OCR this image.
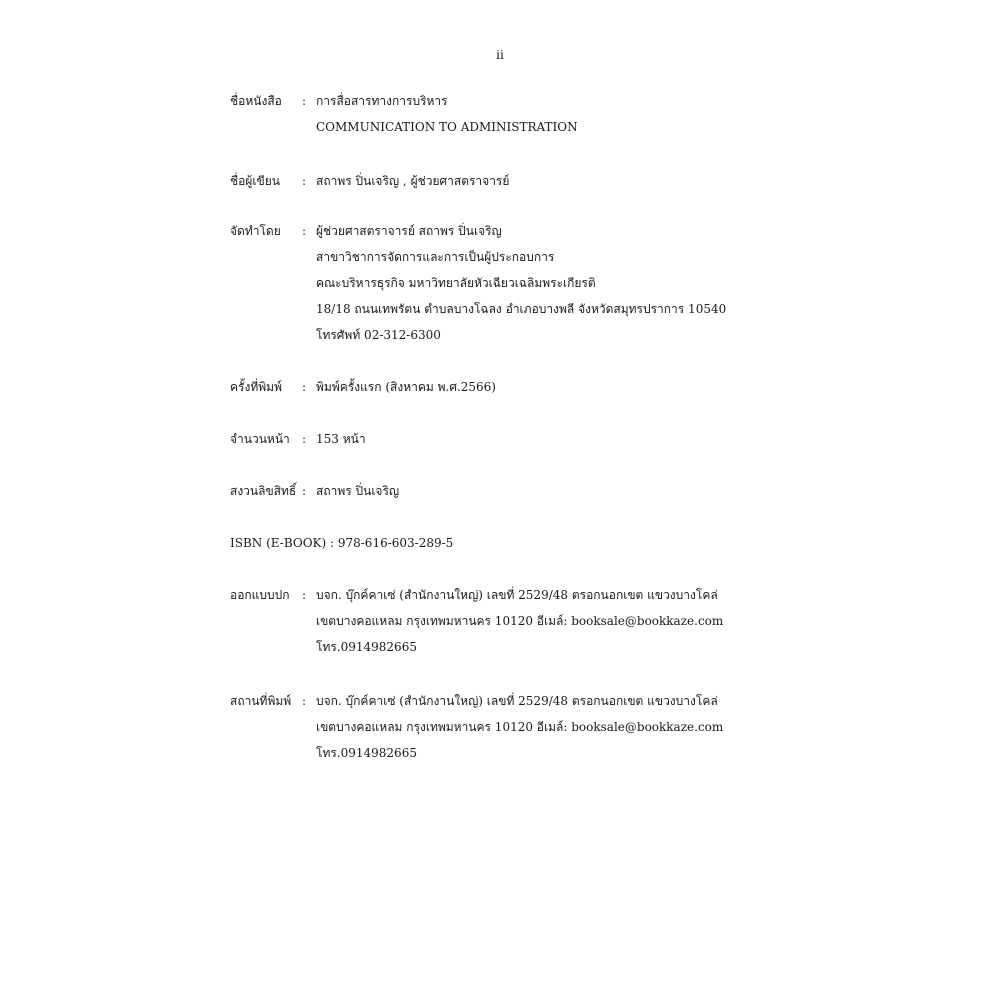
ii
ชื่อหนังสือ : การสื่อสารทางการบริหาร
COMMUNICATION TO ADMINISTRATION
ชื่อผู้เขียน : สถาพร ปิ่นเจริญ , ผู้ช่วยศาสตราจารย์
จัดทำโดย : ผู้ช่วยศาสตราจารย์ สถาพร ปิ่นเจริญ
สาขาวิชาการจัดการและการเป็นผู้ประกอบการ
คณะบริหารธุรกิจ มหาวิทยาลัยหัวเฉียวเฉลิมพระเกียรติ
18/18 ถนนเทพรัตน ตำบลบางโฉลง อำเภอบางพลี จังหวัดสมุทรปราการ 10540
โทรศัพท์ 02-312-6300
ครั้งที่พิมพ์ : พิมพ์ครั้งแรก (สิงหาคม พ.ศ.2566)
จำนวนหน้า : 153 หน้า
สงวนลิขสิทธิ์ : สถาพร ปิ่นเจริญ
ISBN (E-BOOK) : 978-616-603-289-5
ออกแบบปก : บจก. บุ๊กค์คาเซ่ (สำนักงานใหญ่) เลขที่ 2529/48 ตรอกนอกเขต แขวงบางโคล่
เขตบางคอแหลม กรุงเทพมหานคร 10120 อีเมล์: booksale@bookkaze.com
โทร.0914982665
สถานที่พิมพ์ : บจก. บุ๊กค์คาเซ่ (สำนักงานใหญ่) เลขที่ 2529/48 ตรอกนอกเขต แขวงบางโคล่
เขตบางคอแหลม กรุงเทพมหานคร 10120 อีเมล์: booksale@bookkaze.com
โทร.0914982665
